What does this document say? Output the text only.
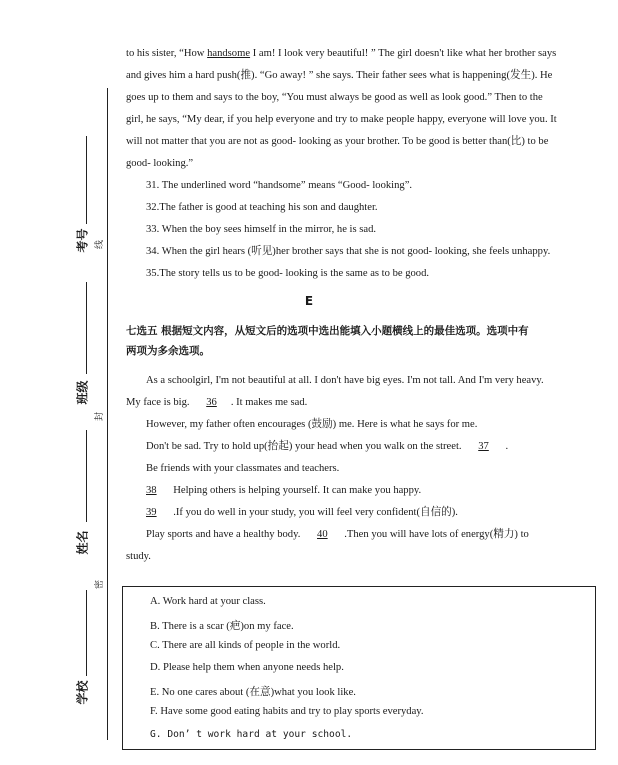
考号 线
班级
封
姓名
密
学校
to his sister, “How handsome I am! I look very beautiful! ” The girl doesn't like what her brother says
and gives him a hard push(推). “Go away! ” she says. Their father sees what is happening(发生). He
goes up to them and says to the boy, “You must always be good as well as look good.” Then to the
girl, he says, “My dear, if you help everyone and try to make people happy, everyone will love you. It
will not matter that you are not as good- looking as your brother. To be good is better than(比) to be
good- looking.”
31. The underlined word “handsome” means “Good- looking”.
32.The father is good at teaching his son and daughter.
33. When the boy sees himself in the mirror, he is sad.
34. When the girl hears (听见)her brother says that she is not good- looking, she feels unhappy.
35.The story tells us to be good- looking is the same as to be good.
E
七选五 根据短文内容，从短文后的选项中选出能填入小题横线上的最佳选项。选项中有
两项为多余选项。
As a schoolgirl, I'm not beautiful at all. I don't have big eyes. I'm not tall. And I'm very heavy.
My face is big. 36 . It makes me sad.
However, my father often encourages (鼓励) me. Here is what he says for me.
Don't be sad. Try to hold up(抬起) your head when you walk on the street. 37 .
Be friends with your classmates and teachers.
38 Helping others is helping yourself. It can make you happy.
39 .If you do well in your study, you will feel very confident(自信的).
Play sports and have a healthy body. 40 .Then you will have lots of energy(精力) to
study.
A. Work hard at your class.
B. There is a scar (疤)on my face.
C. There are all kinds of people in the world.
D. Please help them when anyone needs help.
E. No one cares about (在意)what you look like.
F. Have some good eating habits and try to play sports everyday.
G. Don’ t work hard at your school.
